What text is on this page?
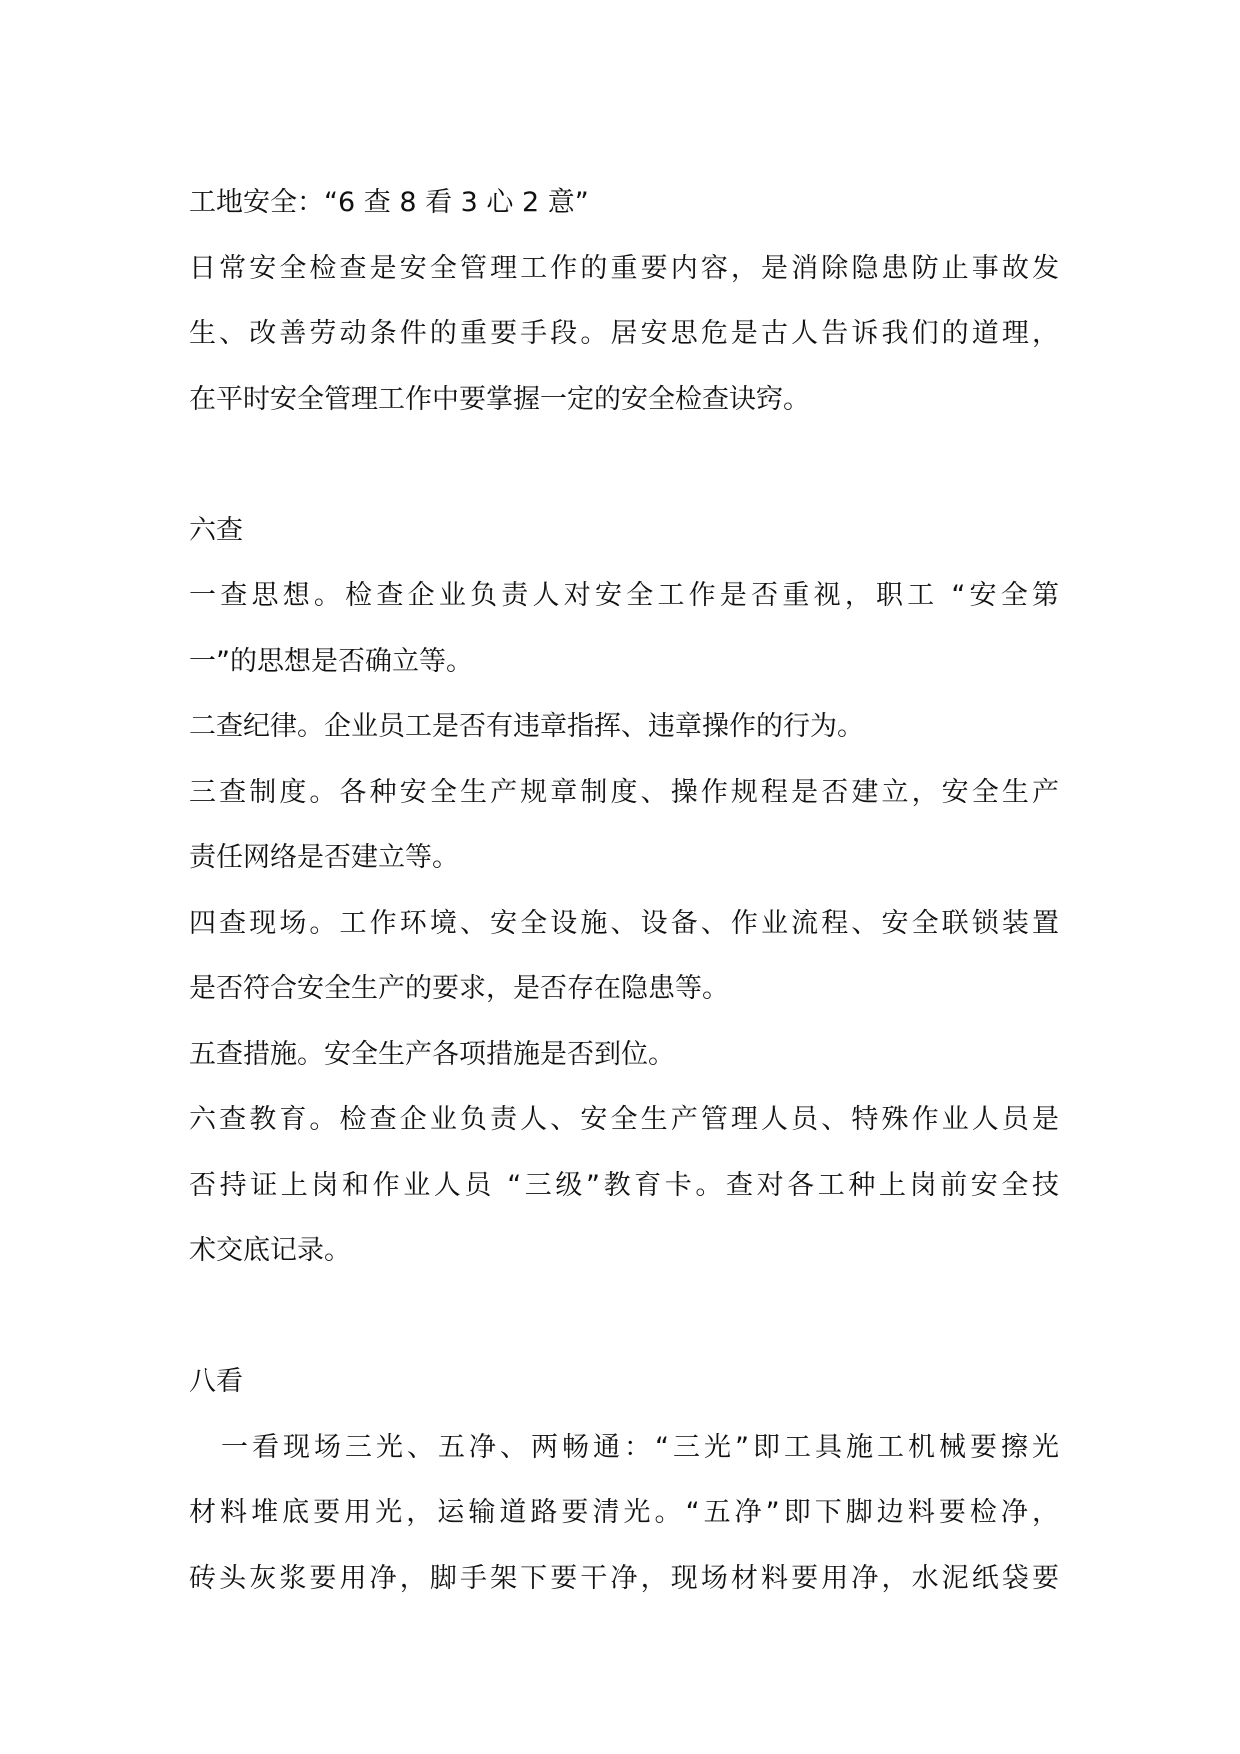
工地安全：“6 查 8 看 3 心 2 意”
日常安全检查是安全管理工作的重要内容，是消除隐患防止事故发
生、改善劳动条件的重要手段。居安思危是古人告诉我们的道理，
在平时安全管理工作中要掌握一定的安全检查诀窍。
六查
一查思想。检查企业负责人对安全工作是否重视，职工 “安全第
一”的思想是否确立等。
二查纪律。企业员工是否有违章指挥、违章操作的行为。
三查制度。各种安全生产规章制度、操作规程是否建立，安全生产
责任网络是否建立等。
四查现场。工作环境、安全设施、设备、作业流程、安全联锁装置
是否符合安全生产的要求，是否存在隐患等。
五查措施。安全生产各项措施是否到位。
六查教育。检查企业负责人、安全生产管理人员、特殊作业人员是
否持证上岗和作业人员 “三级”教育卡。查对各工种上岗前安全技
术交底记录。
八看
一看现场三光、五净、两畅通：“三光”即工具施工机械要擦光
材料堆底要用光，运输道路要清光。“五净”即下脚边料要检净，
砖头灰浆要用净，脚手架下要干净，现场材料要用净，水泥纸袋要
